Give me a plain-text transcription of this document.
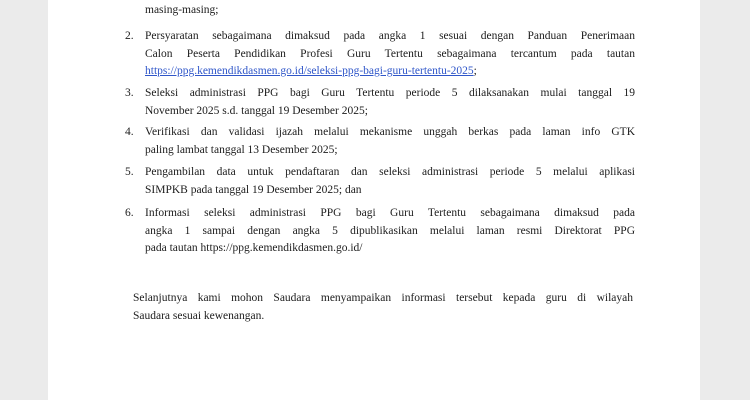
masing-masing;
2. Persyaratan sebagaimana dimaksud pada angka 1 sesuai dengan Panduan Penerimaan
Calon Peserta Pendidikan Profesi Guru Tertentu sebagaimana tercantum pada tautan
https://ppg.kemendikdasmen.go.id/seleksi-ppg-bagi-guru-tertentu-2025;
3. Seleksi administrasi PPG bagi Guru Tertentu periode 5 dilaksanakan mulai tanggal 19
November 2025 s.d. tanggal 19 Desember 2025;
4. Verifikasi dan validasi ijazah melalui mekanisme unggah berkas pada laman info GTK
paling lambat tanggal 13 Desember 2025;
5. Pengambilan data untuk pendaftaran dan seleksi administrasi periode 5 melalui aplikasi
SIMPKB pada tanggal 19 Desember 2025; dan
6. Informasi seleksi administrasi PPG bagi Guru Tertentu sebagaimana dimaksud pada
angka 1 sampai dengan angka 5 dipublikasikan melalui laman resmi Direktorat PPG
pada tautan https://ppg.kemendikdasmen.go.id/
Selanjutnya kami mohon Saudara menyampaikan informasi tersebut kepada guru di wilayah
Saudara sesuai kewenangan.
